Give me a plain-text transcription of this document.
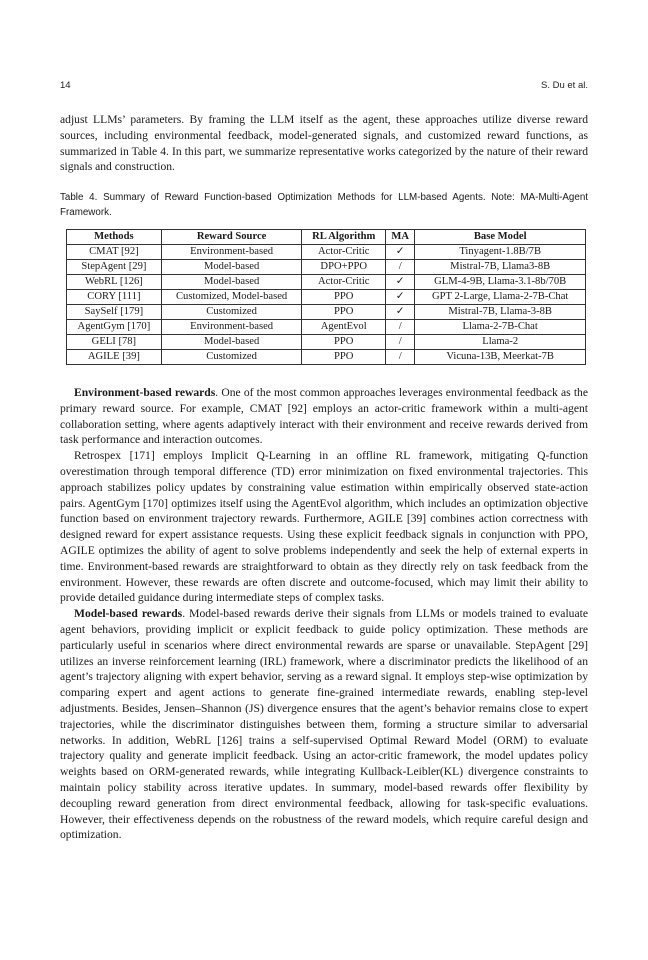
14	S. Du et al.

adjust LLMs’ parameters. By framing the LLM itself as the agent, these approaches utilize diverse reward sources, including environmental feedback, model-generated signals, and customized reward functions, as summarized in Table 4. In this part, we summarize representative works categorized by the nature of their reward signals and construction.

Table 4. Summary of Reward Function-based Optimization Methods for LLM-based Agents. Note: MA-Multi-Agent Framework.
Methods	Reward Source	RL Algorithm	MA	Base Model
CMAT [92]	Environment-based	Actor-Critic	✓	Tinyagent-1.8B/7B
StepAgent [29]	Model-based	DPO+PPO	/	Mistral-7B, Llama3-8B
WebRL [126]	Model-based	Actor-Critic	✓	GLM-4-9B, Llama-3.1-8b/70B
CORY [111]	Customized, Model-based	PPO	✓	GPT 2-Large, Llama-2-7B-Chat
SaySelf [179]	Customized	PPO	✓	Mistral-7B, Llama-3-8B
AgentGym [170]	Environment-based	AgentEvol	/	Llama-2-7B-Chat
GELI [78]	Model-based	PPO	/	Llama-2
AGILE [39]	Customized	PPO	/	Vicuna-13B, Meerkat-7B

Environment-based rewards. One of the most common approaches leverages environmental feedback as the primary reward source. For example, CMAT [92] employs an actor-critic framework within a multi-agent collaboration setting, where agents adaptively interact with their environment and receive rewards derived from task performance and interaction outcomes.

Retrospex [171] employs Implicit Q-Learning in an offline RL framework, mitigating Q-function overestimation through temporal difference (TD) error minimization on fixed environmental trajectories. This approach stabilizes policy updates by constraining value estimation within empirically observed state-action pairs. AgentGym [170] optimizes itself using the AgentEvol algorithm, which includes an optimization objective function based on environment trajectory rewards. Furthermore, AGILE [39] combines action correctness with designed reward for expert assistance requests. Using these explicit feedback signals in conjunction with PPO, AGILE optimizes the ability of agent to solve problems independently and seek the help of external experts in time. Environment-based rewards are straightforward to obtain as they directly rely on task feedback from the environment. However, these rewards are often discrete and outcome-focused, which may limit their ability to provide detailed guidance during intermediate steps of complex tasks.

Model-based rewards. Model-based rewards derive their signals from LLMs or models trained to evaluate agent behaviors, providing implicit or explicit feedback to guide policy optimization. These methods are particularly useful in scenarios where direct environmental rewards are sparse or unavailable. StepAgent [29] utilizes an inverse reinforcement learning (IRL) framework, where a discriminator predicts the likelihood of an agent’s trajectory aligning with expert behavior, serving as a reward signal. It employs step-wise optimization by comparing expert and agent actions to generate fine-grained intermediate rewards, enabling step-level adjustments. Besides, Jensen–Shannon (JS) divergence ensures that the agent’s behavior remains close to expert trajectories, while the discriminator distinguishes between them, forming a structure similar to adversarial networks. In addition, WebRL [126] trains a self-supervised Optimal Reward Model (ORM) to evaluate trajectory quality and generate implicit feedback. Using an actor-critic framework, the model updates policy weights based on ORM-generated rewards, while integrating Kullback-Leibler(KL) divergence constraints to maintain policy stability across iterative updates. In summary, model-based rewards offer flexibility by decoupling reward generation from direct environmental feedback, allowing for task-specific evaluations. However, their effectiveness depends on the robustness of the reward models, which require careful design and optimization.
